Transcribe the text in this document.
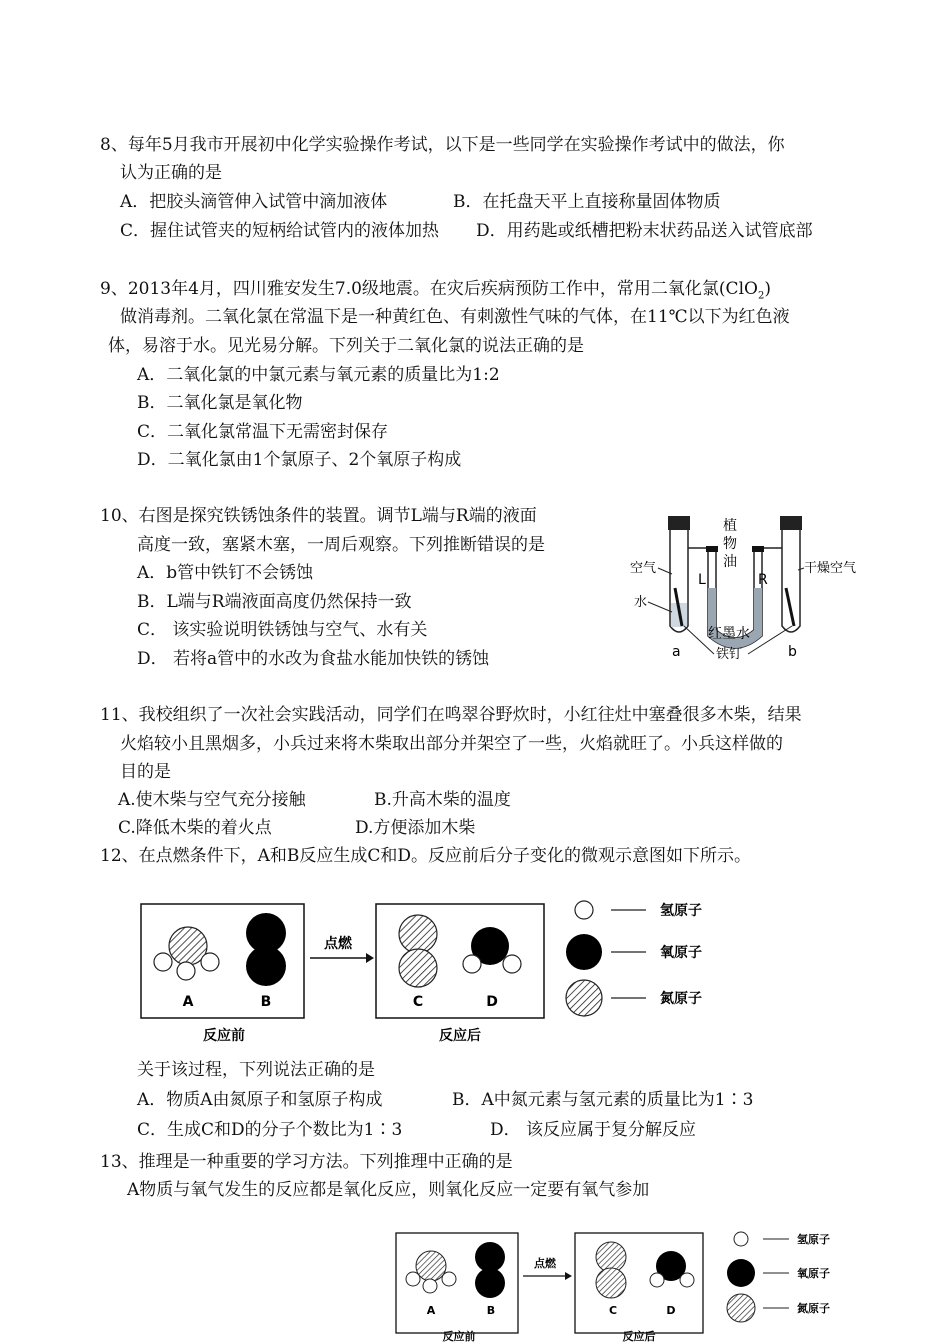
8、每年5月我市开展初中化学实验操作考试，以下是一些同学在实验操作考试中的做法，你
认为正确的是
A．把胶头滴管伸入试管中滴加液体	B．在托盘天平上直接称量固体物质
C．握住试管夹的短柄给试管内的液体加热 D．用药匙或纸槽把粉末状药品送入试管底部
9、2013年4月，四川雅安发生7.0级地震。在灾后疾病预防工作中，常用二氧化氯(ClO$_2$)
做消毒剂。二氧化氯在常温下是一种黄红色、有刺激性气味的气体，在11℃以下为红色液
体，易溶于水。见光易分解。下列关于二氧化氯的说法正确的是
A．二氧化氯的中氯元素与氧元素的质量比为1:2
B．二氧化氯是氧化物
C．二氧化氯常温下无需密封保存
D．二氧化氯由1个氯原子、2个氧原子构成
10、右图是探究铁锈蚀条件的装置。调节L端与R端的液面
高度一致，塞紧木塞，一周后观察。下列推断错误的是
A．b管中铁钉不会锈蚀
B．L端与R端液面高度仍然保持一致
C． 该实验说明铁锈蚀与空气、水有关
D． 若将a管中的水改为食盐水能加快铁的锈蚀
植
物
油
空气	干燥空气
水
L	R
红墨水
铁钉
a	b
11、我校组织了一次社会实践活动，同学们在鸣翠谷野炊时，小红往灶中塞叠很多木柴，结果
火焰较小且黑烟多，小兵过来将木柴取出部分并架空了一些，火焰就旺了。小兵这样做的
目的是
A.使木柴与空气充分接触	B.升高木柴的温度
C.降低木柴的着火点	D.方便添加木柴
12、在点燃条件下，A和B反应生成C和D。反应前后分子变化的微观示意图如下所示。
A	B
点燃
C	D
反应前	反应后
氢原子
氧原子
氮原子
关于该过程，下列说法正确的是
A．物质A由氮原子和氢原子构成	B．A中氮元素与氢元素的质量比为1∶3
C．生成C和D的分子个数比为1∶3	D． 该反应属于复分解反应
13、推理是一种重要的学习方法。下列推理中正确的是
A物质与氧气发生的反应都是氧化反应，则氧化反应一定要有氧气参加
A	B
点燃
C	D
反应前	反应后
氢原子
氧原子
氮原子
